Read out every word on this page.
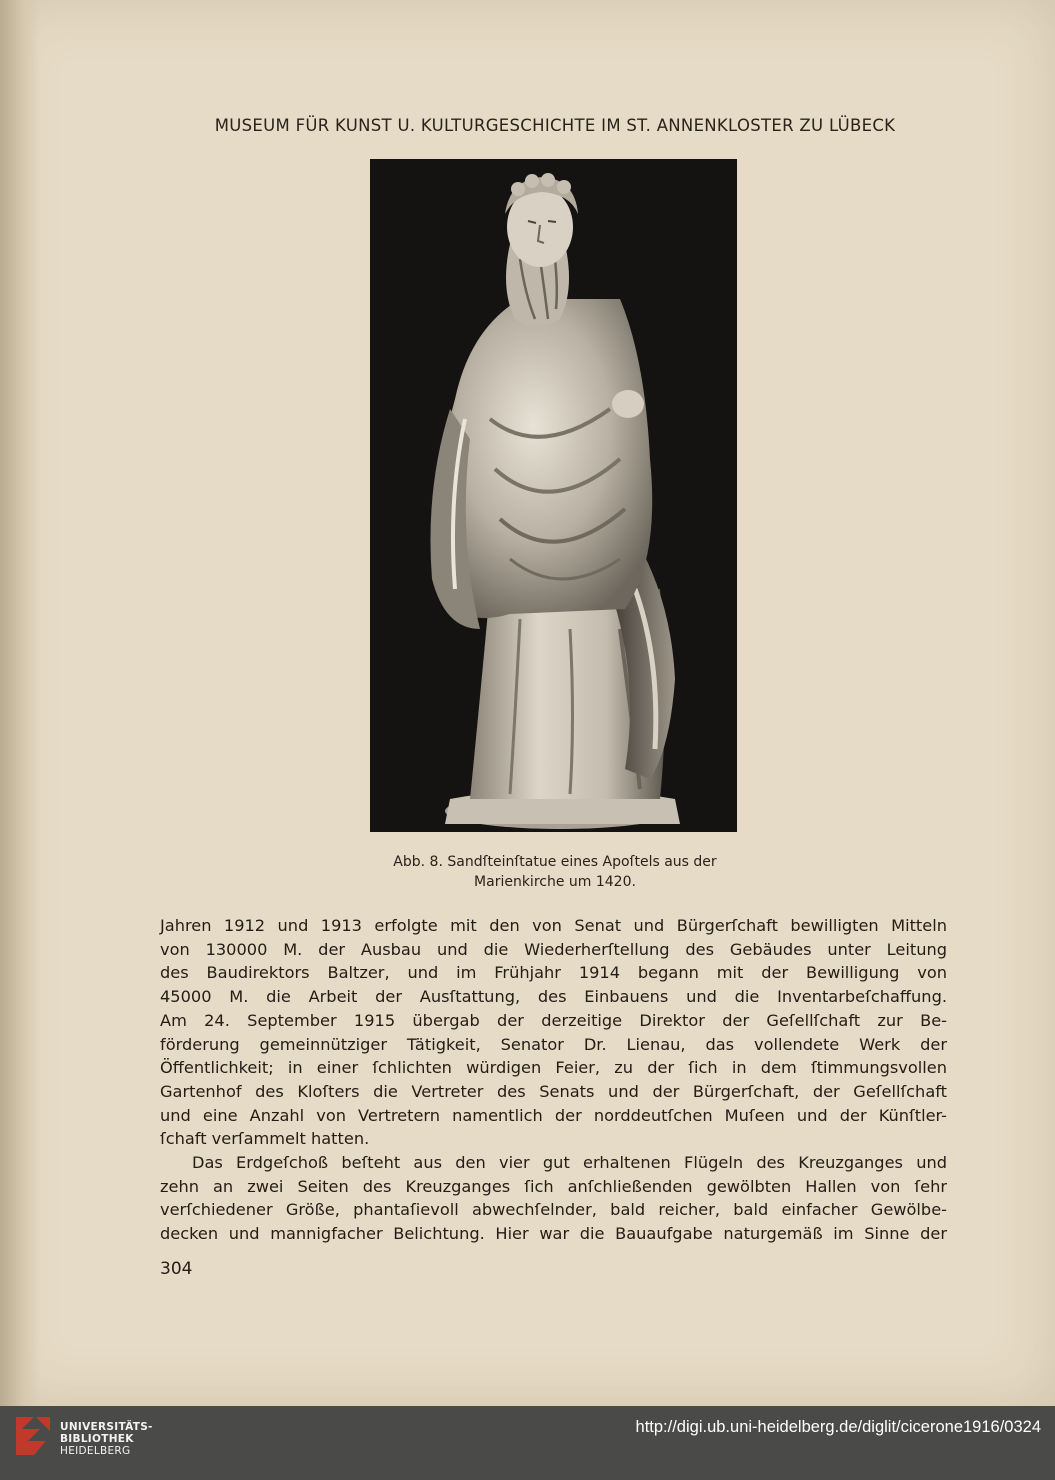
MUSEUM FÜR KUNST U. KULTURGESCHICHTE IM ST. ANNENKLOSTER ZU LÜBECK
Abb. 8. Sandſteinſtatue eines Apoſtels aus der
Marienkirche um 1420.

Jahren 1912 und 1913 erfolgte mit den von Senat und Bürgerſchaft bewilligten Mitteln
von 130000 M. der Ausbau und die Wiederherſtellung des Gebäudes unter Leitung
des Baudirektors Baltzer, und im Frühjahr 1914 begann mit der Bewilligung von
45000 M. die Arbeit der Ausſtattung, des Einbauens und die Inventarbeſchaffung.
Am 24. September 1915 übergab der derzeitige Direktor der Geſellſchaft zur Be-
förderung gemeinnütziger Tätigkeit, Senator Dr. Lienau, das vollendete Werk der
Öffentlichkeit; in einer ſchlichten würdigen Feier, zu der ſich in dem ſtimmungsvollen
Gartenhof des Kloſters die Vertreter des Senats und der Bürgerſchaft, der Geſellſchaft
und eine Anzahl von Vertretern namentlich der norddeutſchen Muſeen und der Künſtler-
ſchaft verſammelt hatten.

Das Erdgeſchoß beſteht aus den vier gut erhaltenen Flügeln des Kreuzganges und
zehn an zwei Seiten des Kreuzganges ſich anſchließenden gewölbten Hallen von ſehr
verſchiedener Größe, phantaſievoll abwechſelnder, bald reicher, bald einfacher Gewölbe-
decken und mannigfacher Belichtung. Hier war die Bauaufgabe naturgemäß im Sinne der

304
UNIVERSITÄTS-
BIBLIOTHEK
HEIDELBERG
http://digi.ub.uni-heidelberg.de/diglit/cicerone1916/0324
